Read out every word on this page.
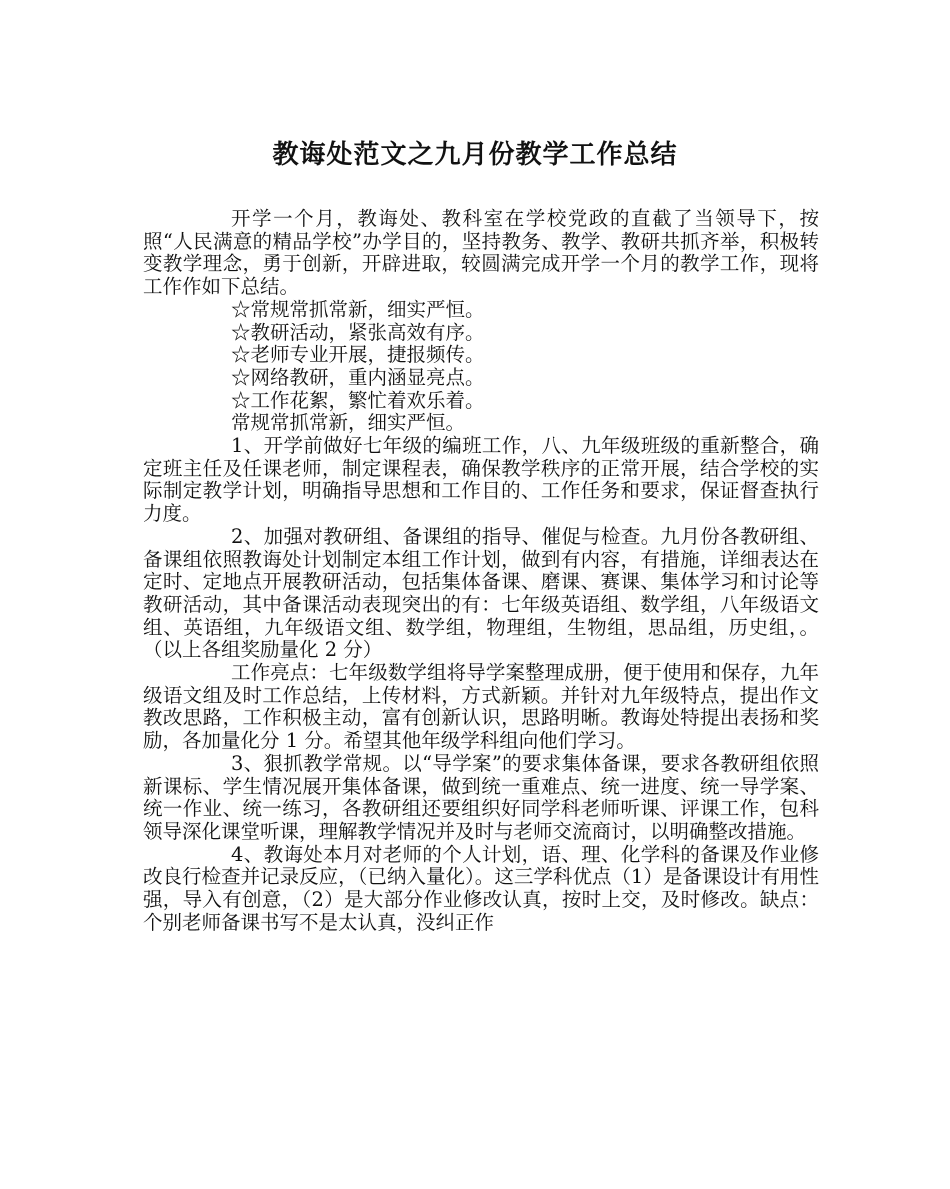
教诲处范文之九月份教学工作总结

开学一个月，教诲处、教科室在学校党政的直截了当领导下，按照“人民满意的精品学校”办学目的，坚持教务、教学、教研共抓齐举，积极转变教学理念，勇于创新，开辟进取，较圆满完成开学一个月的教学工作，现将工作作如下总结。

☆常规常抓常新，细实严恒。

☆教研活动，紧张高效有序。

☆老师专业开展，捷报频传。

☆网络教研，重内涵显亮点。

☆工作花絮，繁忙着欢乐着。

常规常抓常新，细实严恒。

1、开学前做好七年级的编班工作，八、九年级班级的重新整合，确定班主任及任课老师，制定课程表，确保教学秩序的正常开展，结合学校的实际制定教学计划，明确指导思想和工作目的、工作任务和要求，保证督查执行力度。

2、加强对教研组、备课组的指导、催促与检查。九月份各教研组、备课组依照教诲处计划制定本组工作计划，做到有内容，有措施，详细表达在定时、定地点开展教研活动，包括集体备课、磨课、赛课、集体学习和讨论等教研活动，其中备课活动表现突出的有：七年级英语组、数学组，八年级语文组、英语组，九年级语文组、数学组，物理组，生物组，思品组，历史组，。（以上各组奖励量化 2 分）

工作亮点：七年级数学组将导学案整理成册，便于使用和保存，九年级语文组及时工作总结，上传材料，方式新颖。并针对九年级特点，提出作文教改思路，工作积极主动，富有创新认识，思路明晰。教诲处特提出表扬和奖励，各加量化分 1 分。希望其他年级学科组向他们学习。

3、狠抓教学常规。以“导学案”的要求集体备课，要求各教研组依照新课标、学生情况展开集体备课，做到统一重难点、统一进度、统一导学案、统一作业、统一练习，各教研组还要组织好同学科老师听课、评课工作，包科领导深化课堂听课，理解教学情况并及时与老师交流商讨，以明确整改措施。

4、教诲处本月对老师的个人计划，语、理、化学科的备课及作业修改良行检查并记录反应，（已纳入量化）。这三学科优点（1）是备课设计有用性强，导入有创意，（2）是大部分作业修改认真，按时上交，及时修改。缺点：个别老师备课书写不是太认真，没纠正作
